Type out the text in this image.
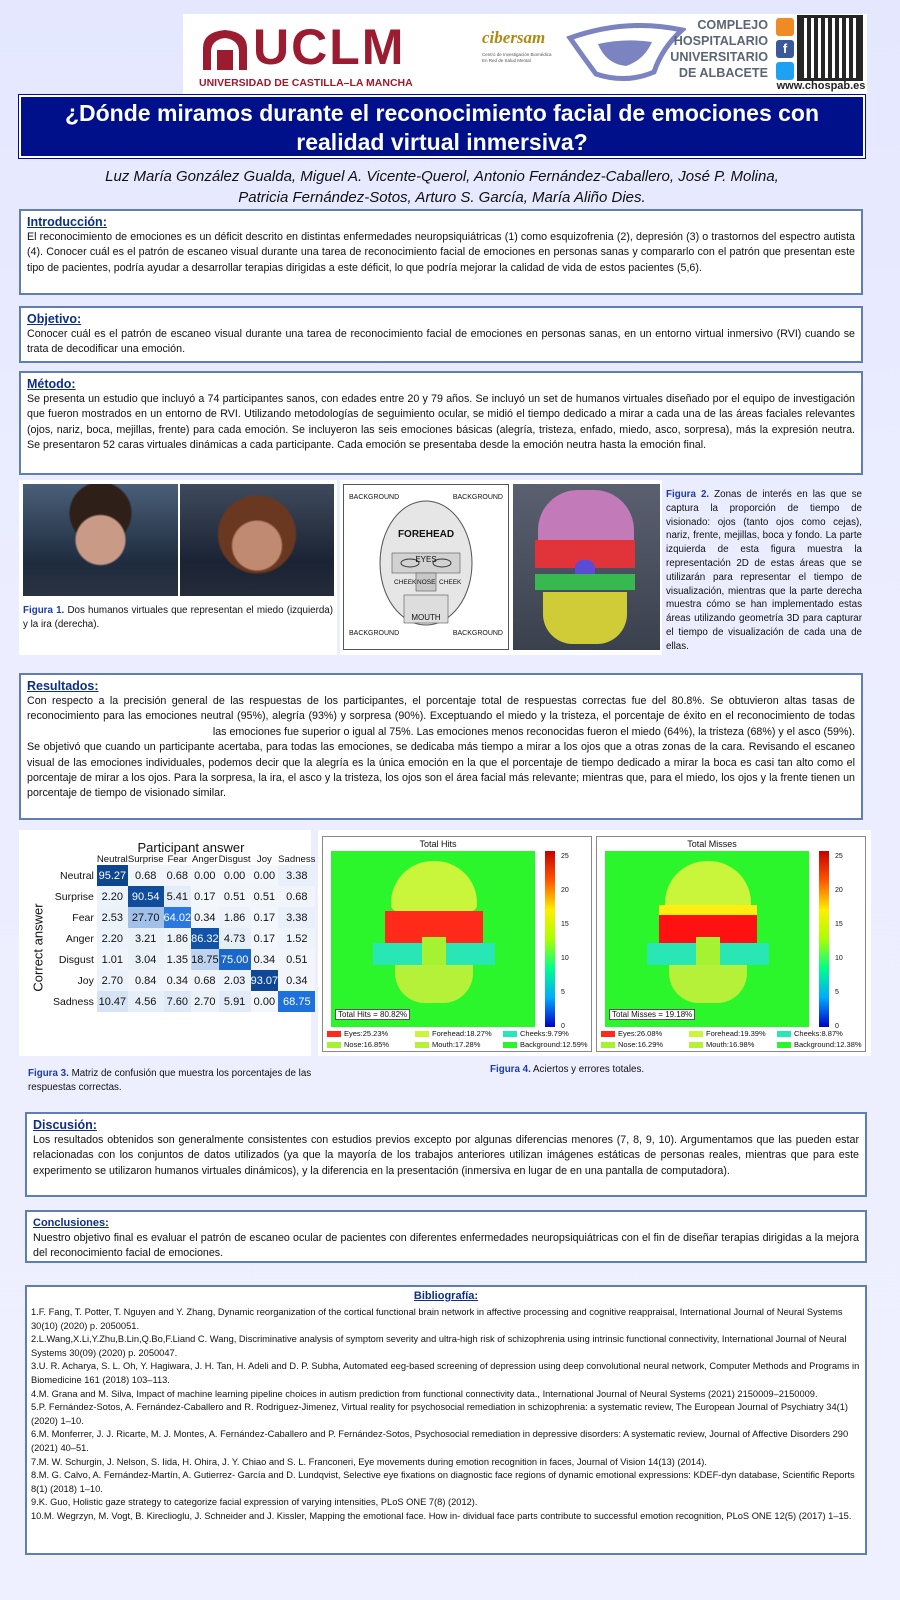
UCLM
UNIVERSIDAD DE CASTILLA–LA MANCHA
cibersam
Centro de Investigación Biomédica En Red de Salud Mental
COMPLEJO
HOSPITALARIO
UNIVERSITARIO
DE ALBACETE
f
www.chospab.es
¿Dónde miramos durante el reconocimiento facial de emociones con realidad virtual inmersiva?
Luz María González Gualda, Miguel A. Vicente-Querol, Antonio Fernández-Caballero, José P. Molina,
Patricia Fernández-Sotos, Arturo S. García, María Aliño Dies.
Introducción:
El reconocimiento de emociones es un déficit descrito en distintas enfermedades neuropsiquiátricas (1) como esquizofrenia (2), depresión (3) o trastornos del espectro autista (4). Conocer cuál es el patrón de escaneo visual durante una tarea de reconocimiento facial de emociones en personas sanas y compararlo con el patrón que presentan este tipo de pacientes, podría ayudar a desarrollar terapias dirigidas a este déficit, lo que podría mejorar la calidad de vida de estos pacientes (5,6).
Objetivo:
Conocer cuál es el patrón de escaneo visual durante una tarea de reconocimiento facial de emociones en personas sanas, en un entorno virtual inmersivo (RVI) cuando se trata de decodificar una emoción.
Método:
Se presenta un estudio que incluyó a 74 participantes sanos, con edades entre 20 y 79 años. Se incluyó un set de humanos virtuales diseñado por el equipo de investigación que fueron mostrados en un entorno de RVI. Utilizando metodologías de seguimiento ocular, se midió el tiempo dedicado a mirar a cada una de las áreas faciales relevantes (ojos, nariz, boca, mejillas, frente) para cada emoción. Se incluyeron las seis emociones básicas (alegría, tristeza, enfado, miedo, asco, sorpresa), más la expresión neutra. Se presentaron 52 caras virtuales dinámicas a cada participante. Cada emoción se presentaba desde la emoción neutra hasta la emoción final.
Figura 1. Dos humanos virtuales que representan el miedo (izquierda) y la ira (derecha).
BACKGROUND	BACKGROUND
BACKGROUND	BACKGROUND
FOREHEAD
EYES
CHEEK NOSE CHEEK
MOUTH
Figura 2. Zonas de interés en las que se captura la proporción de tiempo de visionado: ojos (tanto ojos como cejas), nariz, frente, mejillas, boca y fondo. La parte izquierda de esta figura muestra la representación 2D de estas áreas que se utilizarán para representar el tiempo de visualización, mientras que la parte derecha muestra cómo se han implementado estas áreas utilizando geometría 3D para capturar el tiempo de visualización de cada una de ellas.
Resultados:
Con respecto a la precisión general de las respuestas de los participantes, el porcentaje total de respuestas correctas fue del 80.8%. Se obtuvieron altas tasas de reconocimiento para las emociones neutral (95%), alegría (93%) y sorpresa (90%). Exceptuando el miedo y la tristeza, el porcentaje de éxito en el reconocimiento de todas las emociones fue superior o igual al 75%. Las emociones menos reconocidas fueron el miedo (64%), la tristeza (68%) y el asco (59%).
Se objetivó que cuando un participante acertaba, para todas las emociones, se dedicaba más tiempo a mirar a los ojos que a otras zonas de la cara. Revisando el escaneo visual de las emociones individuales, podemos decir que la alegría es la única emoción en la que el porcentaje de tiempo dedicado a mirar la boca es casi tan alto como el porcentaje de mirar a los ojos. Para la sorpresa, la ira, el asco y la tristeza, los ojos son el área facial más relevante; mientras que, para el miedo, los ojos y la frente tienen un porcentaje de tiempo de visionado similar.
Participant answer
Correct answer
	Neutral	Surprise	Fear	Anger	Disgust	Joy	Sadness
Neutral	95.27	0.68	0.68	0.00	0.00	0.00	3.38
Surprise	2.20	90.54	5.41	0.17	0.51	0.51	0.68
Fear	2.53	27.70	64.02	0.34	1.86	0.17	3.38
Anger	2.20	3.21	1.86	86.32	4.73	0.17	1.52
Disgust	1.01	3.04	1.35	18.75	75.00	0.34	0.51
Joy	2.70	0.84	0.34	0.68	2.03	93.07	0.34
Sadness	10.47	4.56	7.60	2.70	5.91	0.00	68.75
Figura 3. Matriz de confusión que muestra los porcentajes de las respuestas correctas.
Total Hits
Total Hits = 80.82%
0
5
10
15
20
25
Eyes:25.23%	Forehead:18.27%	Cheeks:9.79%
Nose:16.85%	Mouth:17.28%	Background:12.59%
Total Misses
Total Misses = 19.18%
0
5
10
15
20
25
Eyes:26.08%	Forehead:19.39%	Cheeks:8.87%
Nose:16.29%	Mouth:16.98%	Background:12.38%
Figura 4. Aciertos y errores totales.
Discusión:
Los resultados obtenidos son generalmente consistentes con estudios previos excepto por algunas diferencias menores (7, 8, 9, 10). Argumentamos que las pueden estar relacionadas con los conjuntos de datos utilizados (ya que la mayoría de los trabajos anteriores utilizan imágenes estáticas de personas reales, mientras que para este experimento se utilizaron humanos virtuales dinámicos), y la diferencia en la presentación (inmersiva en lugar de en una pantalla de computadora).
Conclusiones:
Nuestro objetivo final es evaluar el patrón de escaneo ocular de pacientes con diferentes enfermedades neuropsiquiátricas con el fin de diseñar terapias dirigidas a la mejora del reconocimiento facial de emociones.
Bibliografía:

1.F. Fang, T. Potter, T. Nguyen and Y. Zhang, Dynamic reorganization of the cortical functional brain network in affective processing and cognitive reappraisal, International Journal of Neural Systems 30(10) (2020) p. 2050051.

2.L.Wang,X.Li,Y.Zhu,B.Lin,Q.Bo,F.Liand C. Wang, Discriminative analysis of symptom severity and ultra-high risk of schizophrenia using intrinsic functional connectivity, International Journal of Neural Systems 30(09) (2020) p. 2050047.

3.U. R. Acharya, S. L. Oh, Y. Hagiwara, J. H. Tan, H. Adeli and D. P. Subha, Automated eeg-based screening of depression using deep convolutional neural network, Computer Methods and Programs in Biomedicine 161 (2018) 103–113.

4.M. Grana and M. Silva, Impact of machine learning pipeline choices in autism prediction from functional connectivity data., International Journal of Neural Systems (2021) 2150009–2150009.

5.P. Fernández-Sotos, A. Fernández-Caballero and R. Rodriguez-Jimenez, Virtual reality for psychosocial remediation in schizophrenia: a systematic review, The European Journal of Psychiatry 34(1) (2020) 1–10.

6.M. Monferrer, J. J. Ricarte, M. J. Montes, A. Fernández-Caballero and P. Fernández-Sotos, Psychosocial remediation in depressive disorders: A systematic review, Journal of Affective Disorders 290 (2021) 40–51.

7.M. W. Schurgin, J. Nelson, S. Iida, H. Ohira, J. Y. Chiao and S. L. Franconeri, Eye movements during emotion recognition in faces, Journal of Vision 14(13) (2014).

8.M. G. Calvo, A. Fernández-Martín, A. Gutierrez- García and D. Lundqvist, Selective eye fixations on diagnostic face regions of dynamic emotional expressions: KDEF-dyn database, Scientific Reports 8(1) (2018) 1–10.

9.K. Guo, Holistic gaze strategy to categorize facial expression of varying intensities, PLoS ONE 7(8) (2012).

10.M. Wegrzyn, M. Vogt, B. Kireclioglu, J. Schneider and J. Kissler, Mapping the emotional face. How in- dividual face parts contribute to successful emotion recognition, PLoS ONE 12(5) (2017) 1–15.
